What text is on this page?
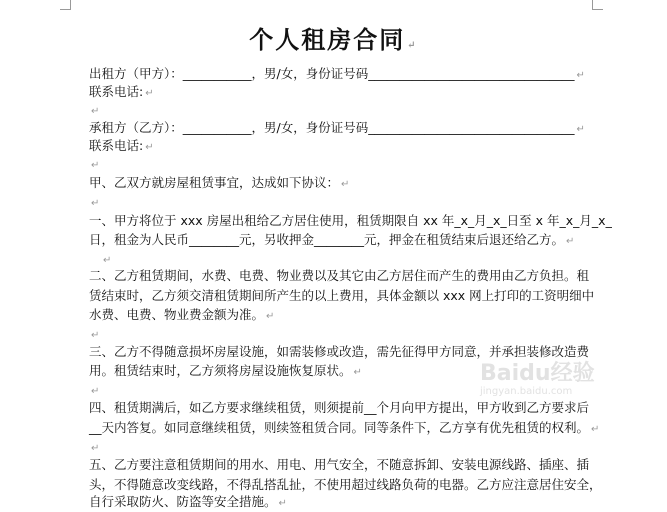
个人租房合同 ↵
出租方（甲方）：___________，男/女，身份证号码_________________________________ ↵
联系电话: ↵
↵
承租方（乙方）：___________，男/女，身份证号码_________________________________ ↵
联系电话: ↵
↵
甲、乙双方就房屋租赁事宜，达成如下协议： ↵
↵
一、甲方将位于 xxx 房屋出租给乙方居住使用，租赁期限自 xx 年_x_月_x_日至 x 年_x_月_x_
日，租金为人民币________元，另收押金________元，押金在租赁结束后退还给乙方。 ↵
↵
二、乙方租赁期间，水费、电费、物业费以及其它由乙方居住而产生的费用由乙方负担。租
赁结束时，乙方须交清租赁期间所产生的以上费用，具体金额以 xxx 网上打印的工资明细中
水费、电费、物业费金额为准。 ↵
↵
三、乙方不得随意损坏房屋设施，如需装修或改造，需先征得甲方同意，并承担装修改造费
用。租赁结束时，乙方须将房屋设施恢复原状。 ↵
↵
四、租赁期满后，如乙方要求继续租赁，则须提前__个月向甲方提出，甲方收到乙方要求后
__天内答复。如同意继续租赁，则续签租赁合同。同等条件下，乙方享有优先租赁的权利。 ↵
↵
五、乙方要注意租赁期间的用水、用电、用气安全，不随意拆卸、安装电源线路、插座、插
头，不得随意改变线路，不得乱搭乱扯，不使用超过线路负荷的电器。乙方应注意居住安全，
自行采取防火、防盗等安全措施。 ↵
Baidu经验
jingyan.baidu.com
